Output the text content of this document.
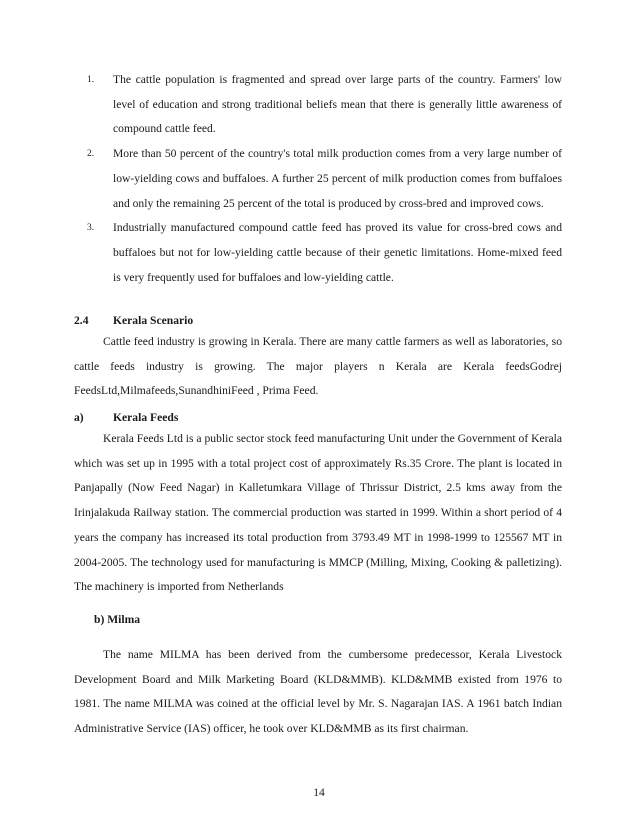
1. The cattle population is fragmented and spread over large parts of the country. Farmers' low level of education and strong traditional beliefs mean that there is generally little awareness of compound cattle feed.
2. More than 50 percent of the country's total milk production comes from a very large number of low-yielding cows and buffaloes. A further 25 percent of milk production comes from buffaloes and only the remaining 25 percent of the total is produced by cross-bred and improved cows.
3. Industrially manufactured compound cattle feed has proved its value for cross-bred cows and buffaloes but not for low-yielding cattle because of their genetic limitations. Home-mixed feed is very frequently used for buffaloes and low-yielding cattle.
2.4 Kerala Scenario
Cattle feed industry is growing in Kerala. There are many cattle farmers as well as laboratories, so cattle feeds industry is growing. The major players n Kerala are Kerala feedsGodrej FeedsLtd,Milmafeeds,SunandhiniFeed , Prima Feed.
a)	Kerala Feeds
Kerala Feeds Ltd is a public sector stock feed manufacturing Unit under the Government of Kerala which was set up in 1995 with a total project cost of approximately Rs.35 Crore. The plant is located in Panjapally (Now Feed Nagar) in Kalletumkara Village of Thrissur District, 2.5 kms away from the Irinjalakuda Railway station. The commercial production was started in 1999. Within a short period of 4 years the company has increased its total production from 3793.49 MT in 1998-1999 to 125567 MT in 2004-2005. The technology used for manufacturing is MMCP (Milling, Mixing, Cooking & palletizing). The machinery is imported from Netherlands
b) Milma
The name MILMA has been derived from the cumbersome predecessor, Kerala Livestock Development Board and Milk Marketing Board (KLD&MMB). KLD&MMB existed from 1976 to 1981. The name MILMA was coined at the official level by Mr. S. Nagarajan IAS. A 1961 batch Indian Administrative Service (IAS) officer, he took over KLD&MMB as its first chairman.
14
